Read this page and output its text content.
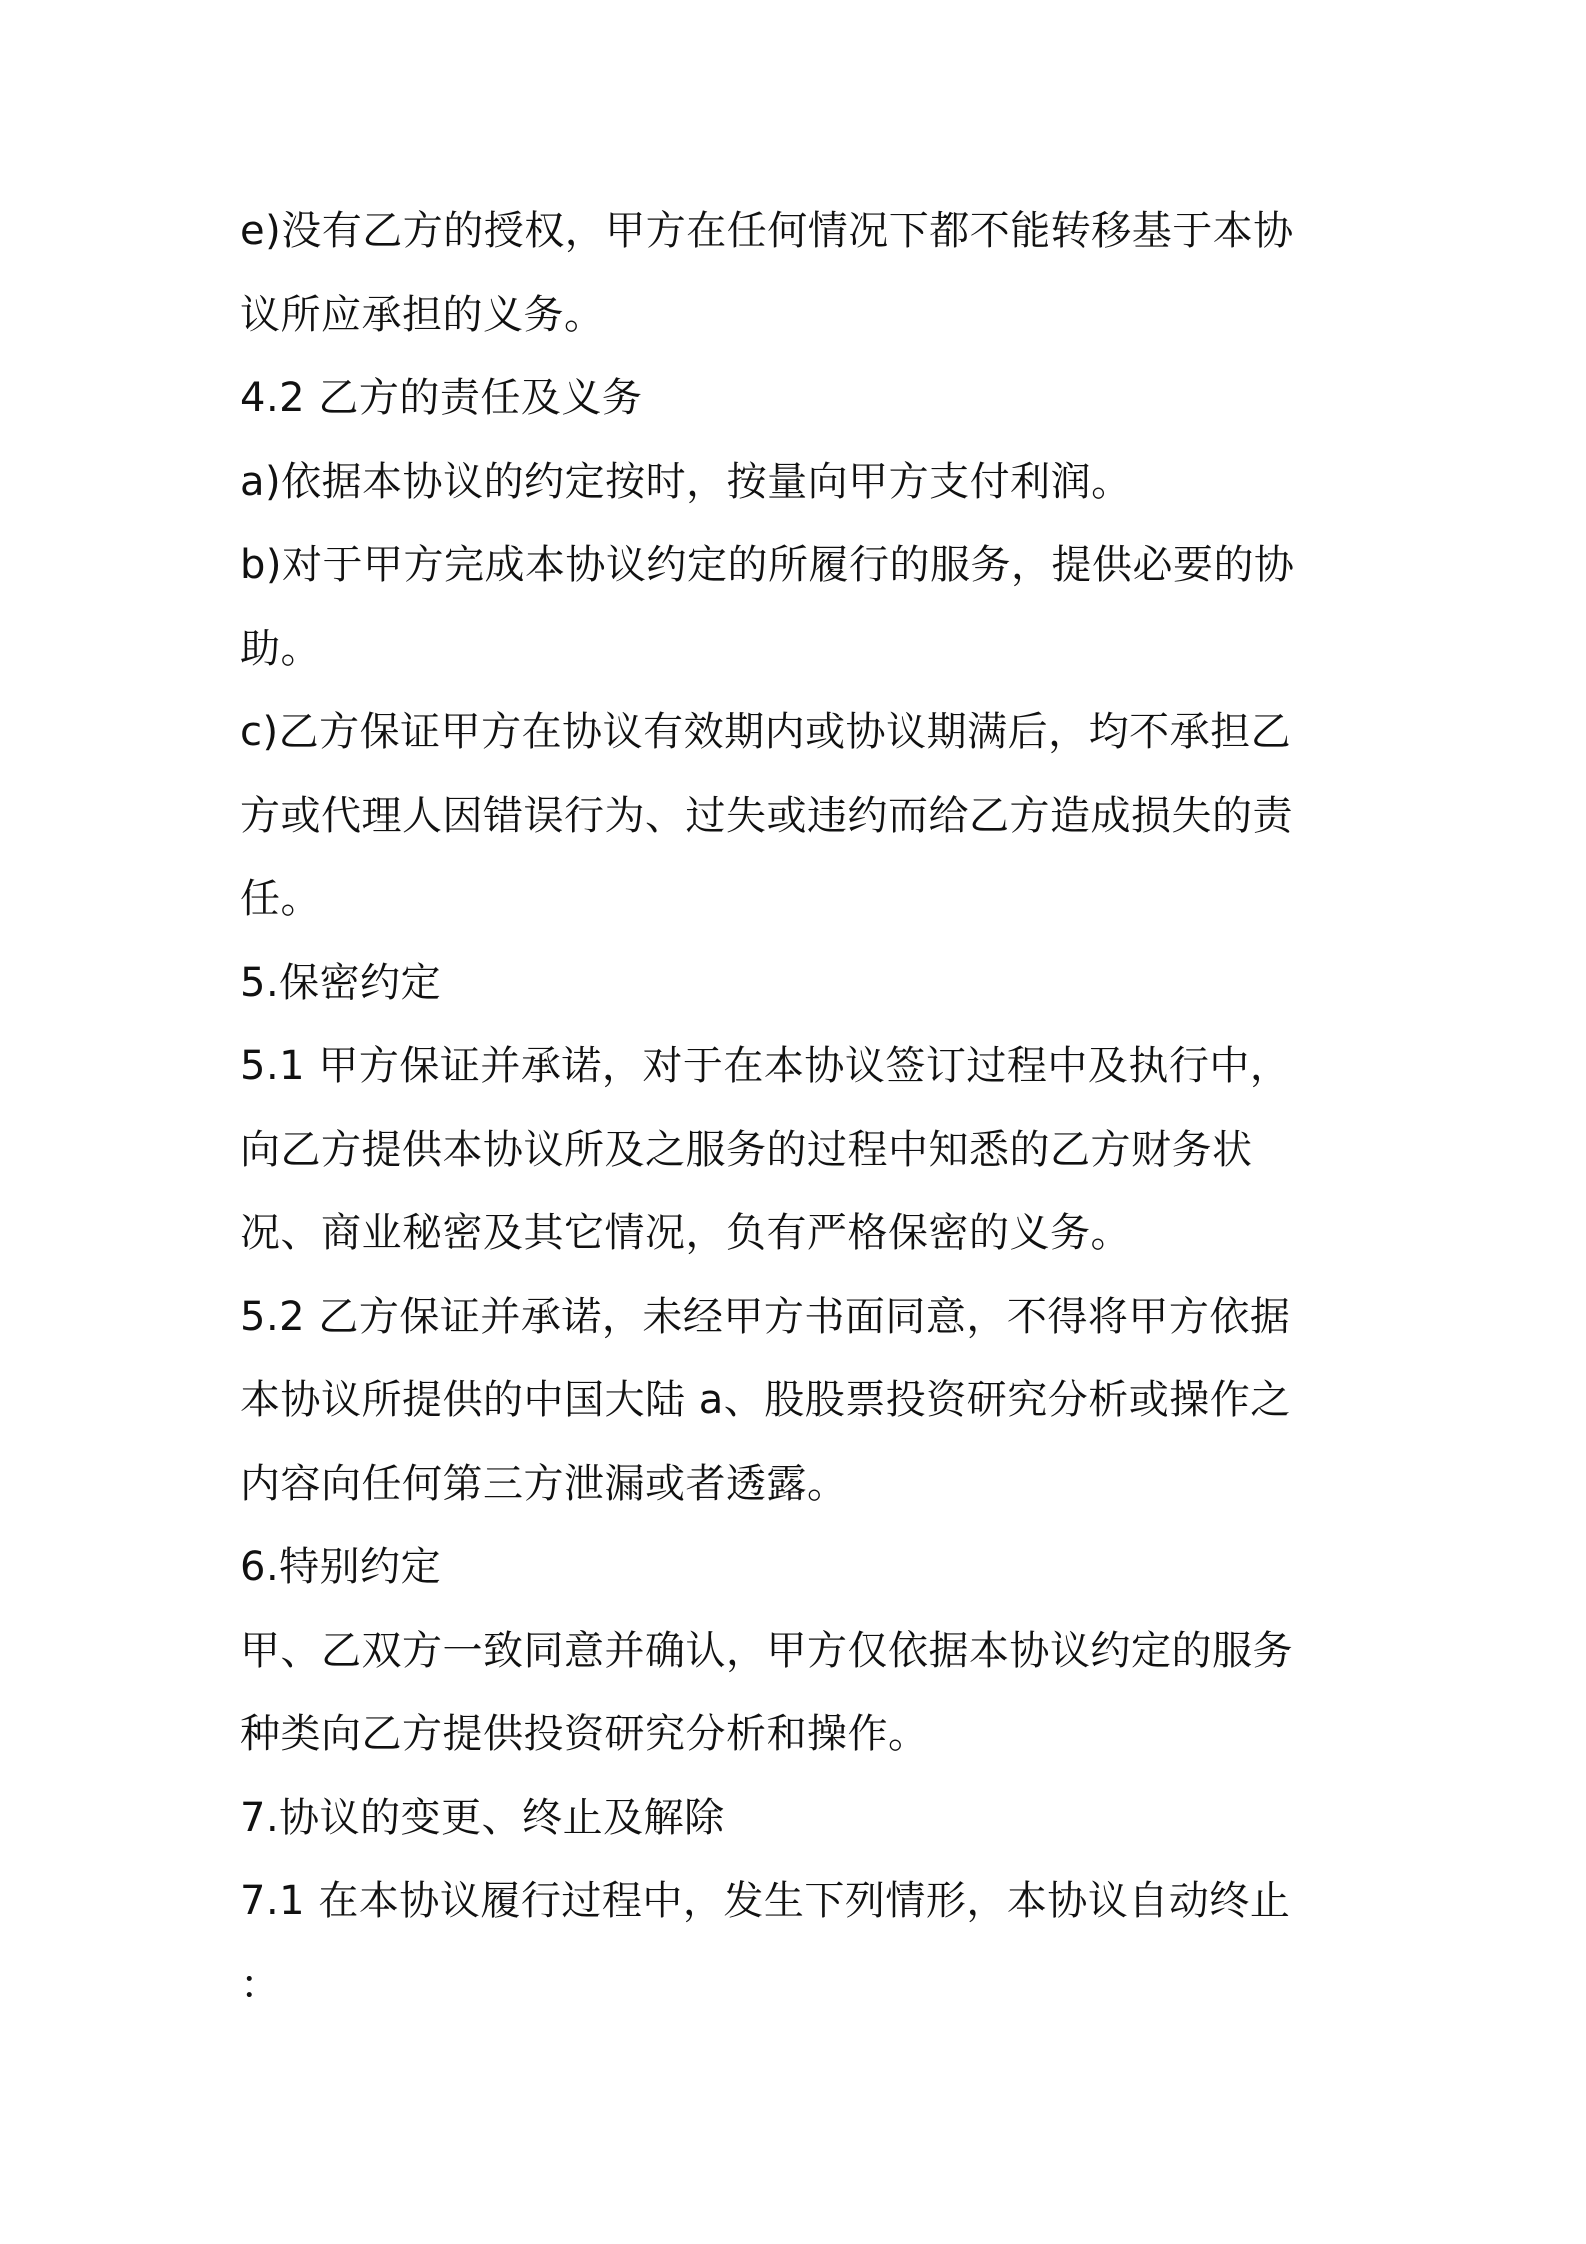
e)没有乙方的授权，甲方在任何情况下都不能转移基于本协
议所应承担的义务。
4.2 乙方的责任及义务
a)依据本协议的约定按时，按量向甲方支付利润。
b)对于甲方完成本协议约定的所履行的服务，提供必要的协
助。
c)乙方保证甲方在协议有效期内或协议期满后，均不承担乙
方或代理人因错误行为、过失或违约而给乙方造成损失的责
任。
5.保密约定
5.1 甲方保证并承诺，对于在本协议签订过程中及执行中，
向乙方提供本协议所及之服务的过程中知悉的乙方财务状
况、商业秘密及其它情况，负有严格保密的义务。
5.2 乙方保证并承诺，未经甲方书面同意，不得将甲方依据
本协议所提供的中国大陆 a、股股票投资研究分析或操作之
内容向任何第三方泄漏或者透露。
6.特别约定
甲、乙双方一致同意并确认，甲方仅依据本协议约定的服务
种类向乙方提供投资研究分析和操作。
7.协议的变更、终止及解除
7.1 在本协议履行过程中，发生下列情形，本协议自动终止
：
